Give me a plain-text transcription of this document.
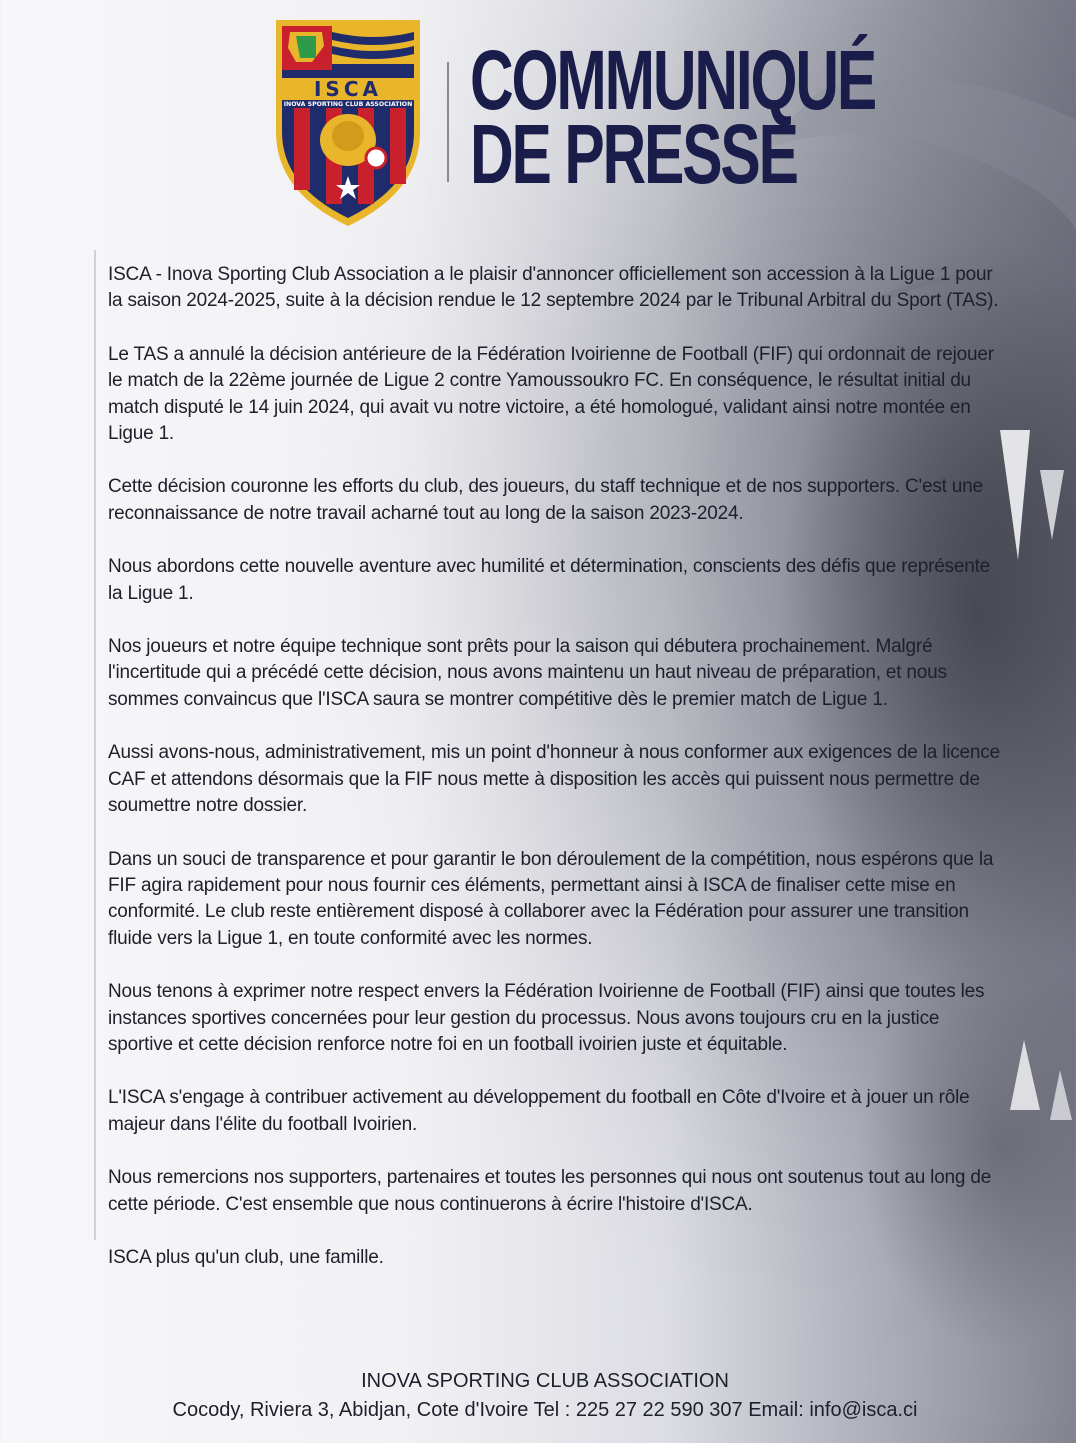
ISCA
INOVA SPORTING CLUB ASSOCIATION COMMUNIQUÉ
DE PRESSE

ISCA - Inova Sporting Club Association a le plaisir d'annoncer officiellement son accession à la Ligue 1 pour la saison 2024-2025, suite à la décision rendue le 12 septembre 2024 par le Tribunal Arbitral du Sport (TAS).

Le TAS a annulé la décision antérieure de la Fédération Ivoirienne de Football (FIF) qui ordonnait de rejouer le match de la 22ème journée de Ligue 2 contre Yamoussoukro FC. En conséquence, le résultat initial du match disputé le 14 juin 2024, qui avait vu notre victoire, a été homologué, validant ainsi notre montée en Ligue 1.

Cette décision couronne les efforts du club, des joueurs, du staff technique et de nos supporters. C'est une reconnaissance de notre travail acharné tout au long de la saison 2023-2024.

Nous abordons cette nouvelle aventure avec humilité et détermination, conscients des défis que représente la Ligue 1.

Nos joueurs et notre équipe technique sont prêts pour la saison qui débutera prochainement. Malgré l'incertitude qui a précédé cette décision, nous avons maintenu un haut niveau de préparation, et nous sommes convaincus que l'ISCA saura se montrer compétitive dès le premier match de Ligue 1.

Aussi avons-nous, administrativement, mis un point d'honneur à nous conformer aux exigences de la licence CAF et attendons désormais que la FIF nous mette à disposition les accès qui puissent nous permettre de soumettre notre dossier.

Dans un souci de transparence et pour garantir le bon déroulement de la compétition, nous espérons que la FIF agira rapidement pour nous fournir ces éléments, permettant ainsi à ISCA de finaliser cette mise en conformité. Le club reste entièrement disposé à collaborer avec la Fédération pour assurer une transition fluide vers la Ligue 1, en toute conformité avec les normes.

Nous tenons à exprimer notre respect envers la Fédération Ivoirienne de Football (FIF) ainsi que toutes les instances sportives concernées pour leur gestion du processus. Nous avons toujours cru en la justice sportive et cette décision renforce notre foi en un football ivoirien juste et équitable.

L'ISCA s'engage à contribuer activement au développement du football en Côte d'Ivoire et à jouer un rôle majeur dans l'élite du football Ivoirien.

Nous remercions nos supporters, partenaires et toutes les personnes qui nous ont soutenus tout au long de cette période. C'est ensemble que nous continuerons à écrire l'histoire d'ISCA.

ISCA plus qu'un club, une famille.

INOVA SPORTING CLUB ASSOCIATION
Cocody, Riviera 3, Abidjan, Cote d'Ivoire Tel : 225 27 22 590 307 Email: info@isca.ci
